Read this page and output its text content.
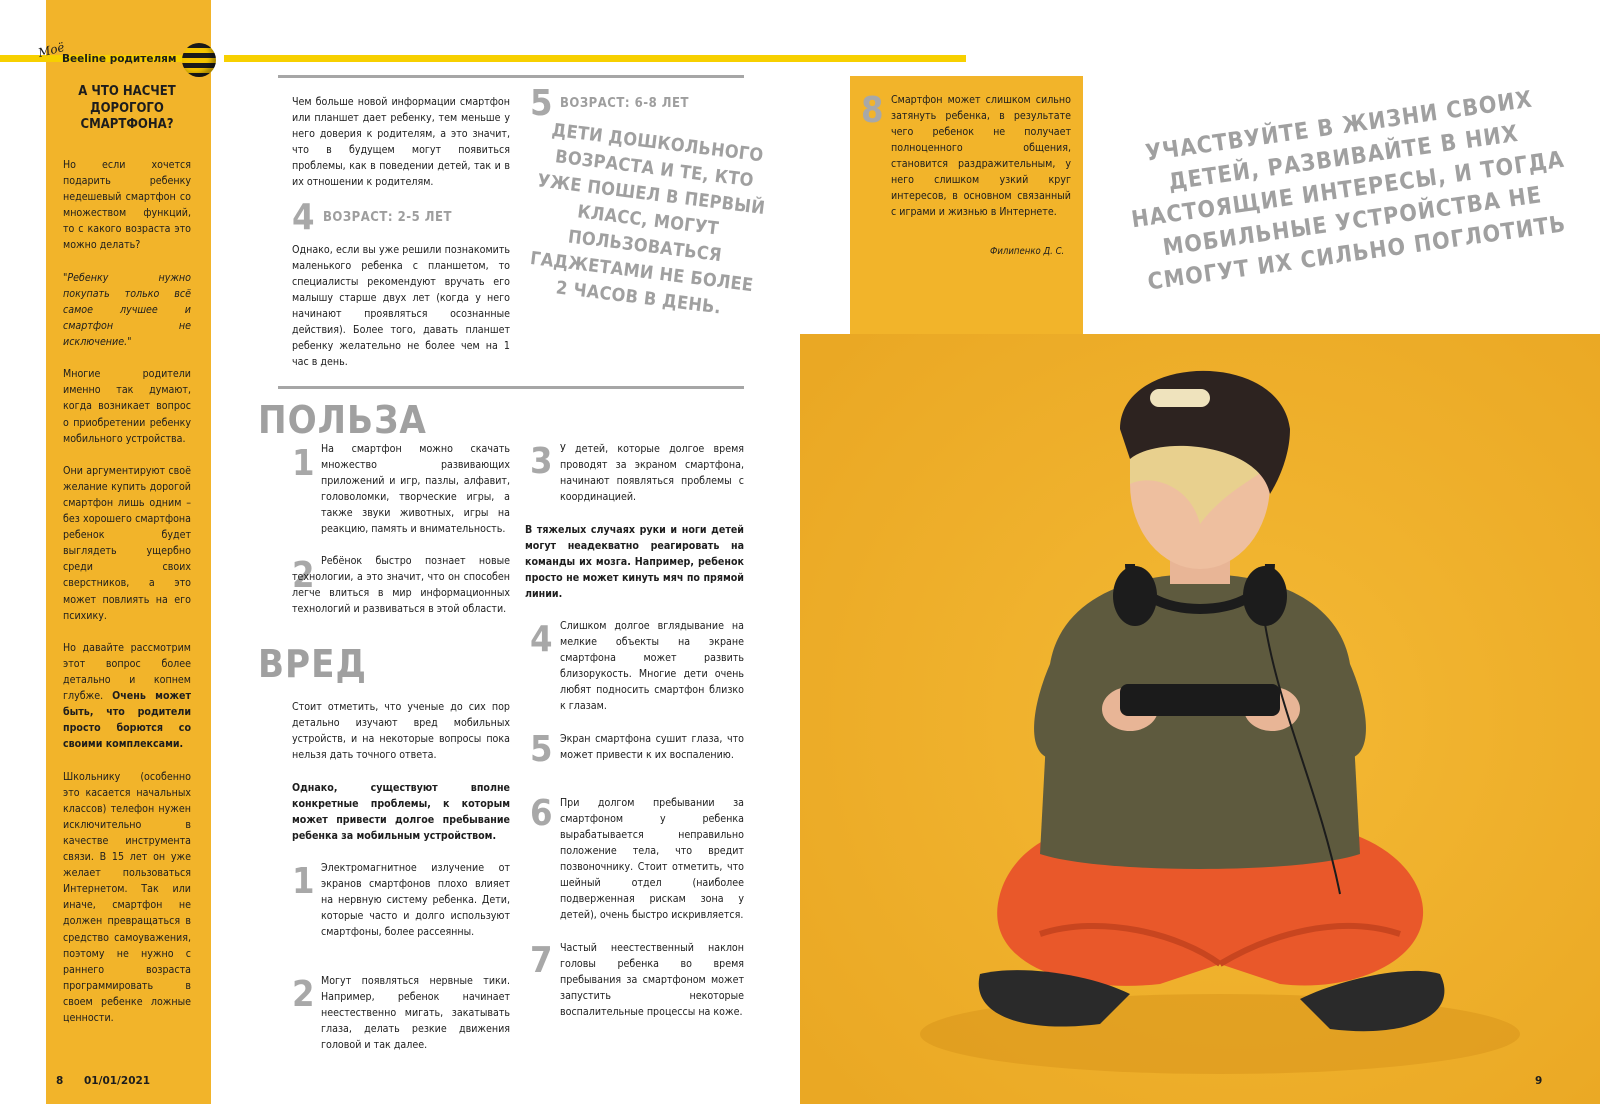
Моё
Beeline родителям
А ЧТО НАСЧЕТ ДОРОГОГО СМАРТФОНА?

Но если хочется подарить ребенку недешевый смартфон со множеством функций, то с какого возраста это можно делать?

"Ребенку нужно покупать только всё самое лучшее и смартфон не исключение."

Многие родители именно так думают, когда возникает вопрос о приобретении ребенку мобильного устройства.

Они аргументируют своё желание купить дорогой смартфон лишь одним – без хорошего смартфона ребенок будет выглядеть ущербно среди своих сверстников, а это может повлиять на его психику.

Но давайте рассмотрим этот вопрос более детально и копнем глубже. Очень может быть, что родители просто борются со своими комплексами.

Школьнику (особенно это касается начальных классов) телефон нужен исключительно в качестве инструмента связи. В 15 лет он уже желает пользоваться Интернетом. Так или иначе, смартфон не должен превращаться в средство самоуважения, поэтому не нужно с раннего возраста программировать в своем ребенке ложные ценности.

Чем больше новой информации смартфон или планшет дает ребенку, тем меньше у него доверия к родителям, а это значит, что в будущем могут появиться проблемы, как в поведении детей, так и в их отношении к родителям.
4 ВОЗРАСТ: 2-5 ЛЕТ
Однако, если вы уже решили познакомить маленького ребенка с планшетом, то специалисты рекомендуют вручать его малышу старше двух лет (когда у него начинают проявляться осознанные действия). Более того, давать планшет ребенку желательно не более чем на 1 час в день.
5 ВОЗРАСТ: 6-8 ЛЕТ
ДЕТИ ДОШКОЛЬНОГО ВОЗРАСТА И ТЕ, КТО УЖЕ ПОШЕЛ В ПЕРВЫЙ КЛАСС, МОГУТ ПОЛЬЗОВАТЬСЯ ГАДЖЕТАМИ НЕ БОЛЕЕ 2 ЧАСОВ В ДЕНЬ.
ПОЛЬЗА
1 На смартфон можно скачать множество развивающих приложений и игр, пазлы, алфавит, головоломки, творческие игры, а также звуки животных, игры на реакцию, память и внимательность.
2 Ребёнок быстро познает новые технологии, а это значит, что он способен легче влиться в мир информационных технологий и развиваться в этой области.
ВРЕД
Стоит отметить, что ученые до сих пор детально изучают вред мобильных устройств, и на некоторые вопросы пока нельзя дать точного ответа.
Однако, существуют вполне конкретные проблемы, к которым может привести долгое пребывание ребенка за мобильным устройством.
1 Электромагнитное излучение от экранов смартфонов плохо влияет на нервную систему ребенка. Дети, которые часто и долго используют смартфоны, более рассеянны.
2 Могут появляться нервные тики. Например, ребенок начинает неестественно мигать, закатывать глаза, делать резкие движения головой и так далее.
3 У детей, которые долгое время проводят за экраном смартфона, начинают появляться проблемы с координацией.
В тяжелых случаях руки и ноги детей могут неадекватно реагировать на команды их мозга. Например, ребенок просто не может кинуть мяч по прямой линии.
4 Слишком долгое вглядывание на мелкие объекты на экране смартфона может развить близорукость. Многие дети очень любят подносить смартфон близко к глазам.
5 Экран смартфона сушит глаза, что может привести к их воспалению.
6 При долгом пребывании за смартфоном у ребенка вырабатывается неправильно положение тела, что вредит позвоночнику. Стоит отметить, что шейный отдел (наиболее подверженная рискам зона у детей), очень быстро искривляется.
7 Частый неестественный наклон головы ребенка во время пребывания за смартфоном может запустить некоторые воспалительные процессы на коже.
8 Смартфон может слишком сильно затянуть ребенка, в результате чего ребенок не получает полноценного общения, становится раздражительным, у него слишком узкий круг интересов, в основном связанный с играми и жизнью в Интернете.
Филипенко Д. С.
УЧАСТВУЙТЕ В ЖИЗНИ СВОИХ ДЕТЕЙ, РАЗВИВАЙТЕ В НИХ НАСТОЯЩИЕ ИНТЕРЕСЫ, И ТОГДА МОБИЛЬНЫЕ УСТРОЙСТВА НЕ СМОГУТ ИХ СИЛЬНО ПОГЛОТИТЬ
8 01/01/2021	9
